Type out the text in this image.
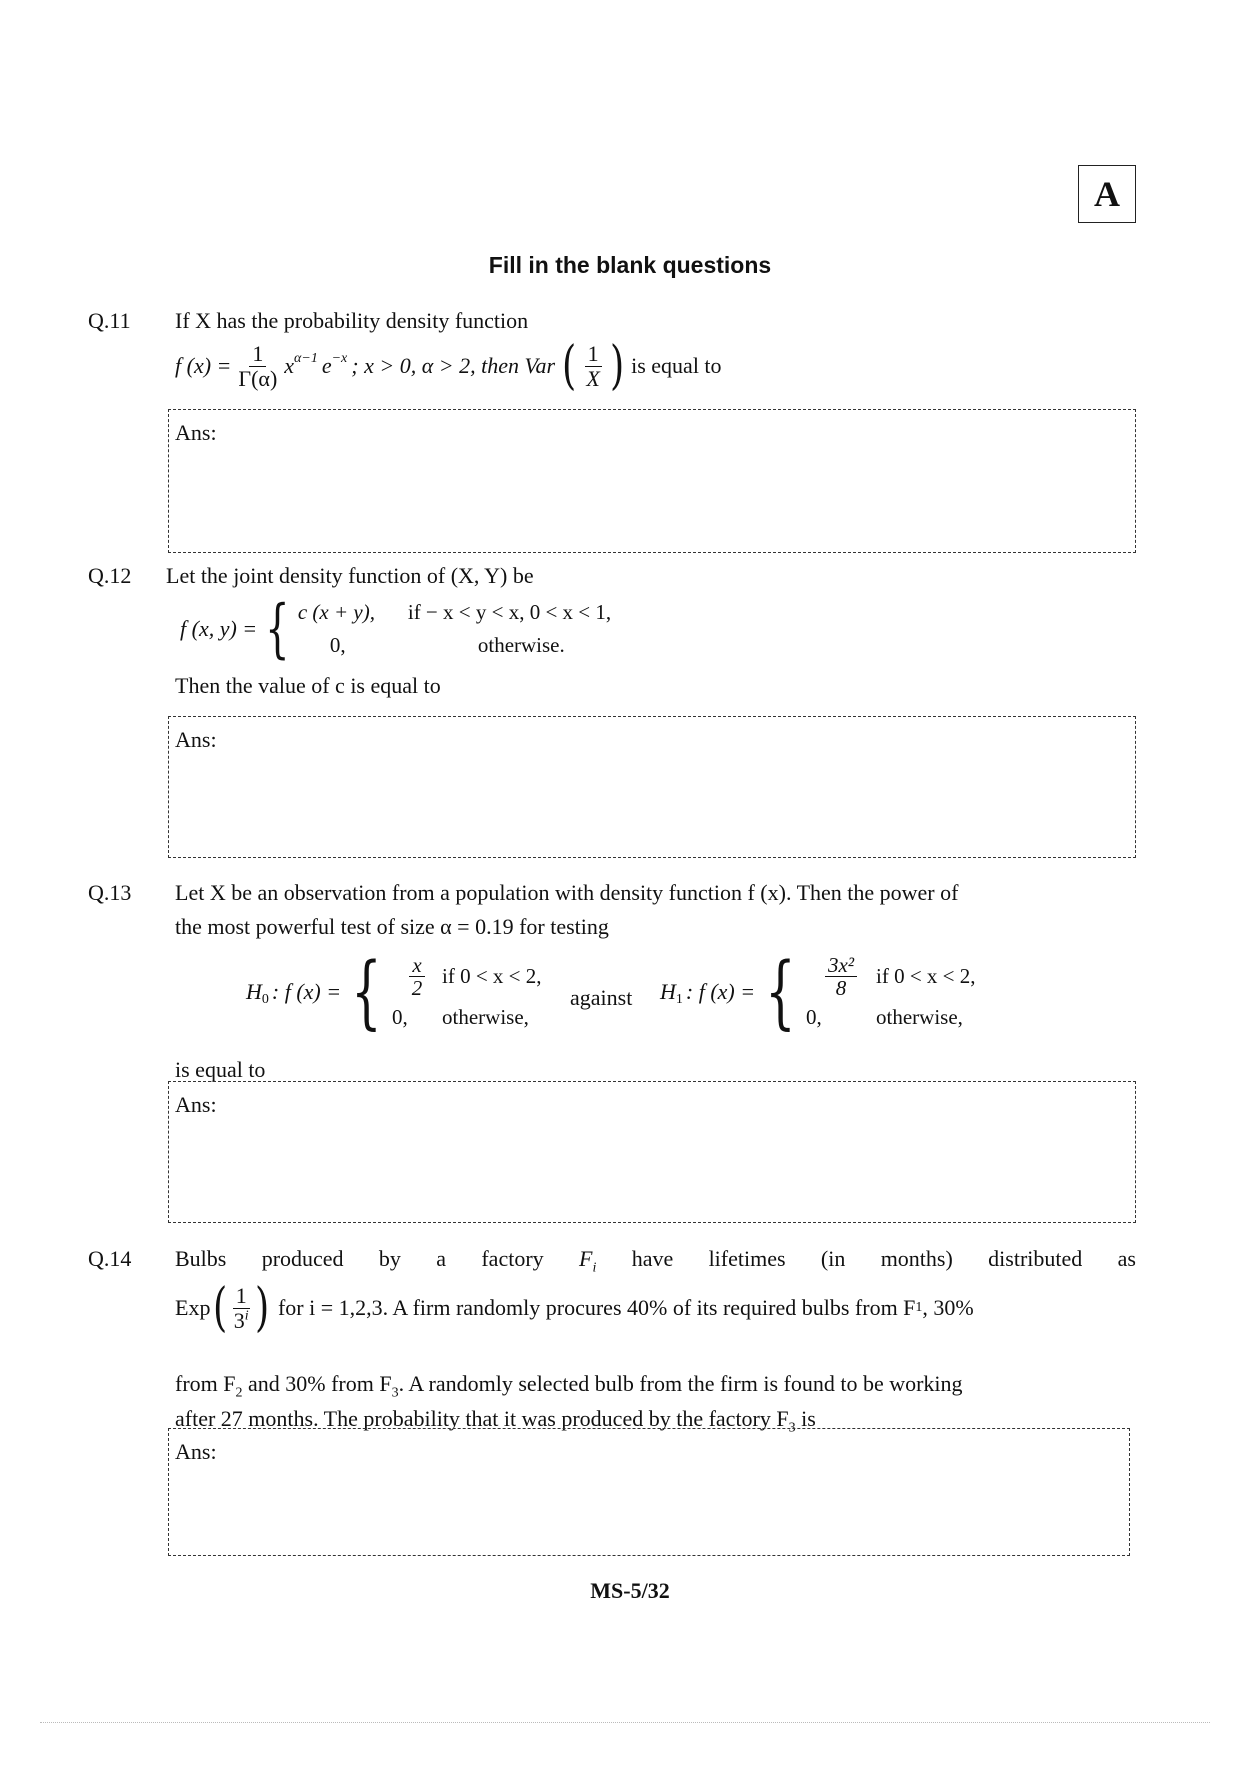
A
Fill in the blank questions
Q.11 If X has the probability density function
f $(x) = \frac{1}{\Gamma(\alpha)} x^{\alpha-1}$ $e^{-x}$ ; x > 0, α > 2, then Var ( $\frac{1}{X}$ ) is equal to
Ans:
Q.12 Let the joint density function of (X, Y) be
f (x, y) = { c (x + y),	if − x < y < x, 0 < x < 1,
0,	otherwise.
Then the value of c is equal to
Ans:
Q.13 Let X be an observation from a population with density function f (x). Then the power of
the most powerful test of size α = 0.19 for testing
$H_0$ : f (x) = { $\frac{x}{2}$ if 0 < x < 2,
0,	otherwise,
against $H_1$ : f (x) = { $\frac{\text{3x²}}{8}$ if 0 < x < 2,
0,	otherwise,
is equal to
Ans:
Q.14 Bulbs produced by a factory $F_i$ have lifetimes (in months) distributed as
Exp ( $\frac{1}{3^i}$ ) for i = 1,2,3. A firm randomly procures 40% of its required bulbs from F 1 , 30%
from $F_2$ and 30% from $F_3$. A randomly selected bulb from the firm is found to be working
after 27 months. The probability that it was produced by the factory $F_3$ is
Ans:
MS-5/32
